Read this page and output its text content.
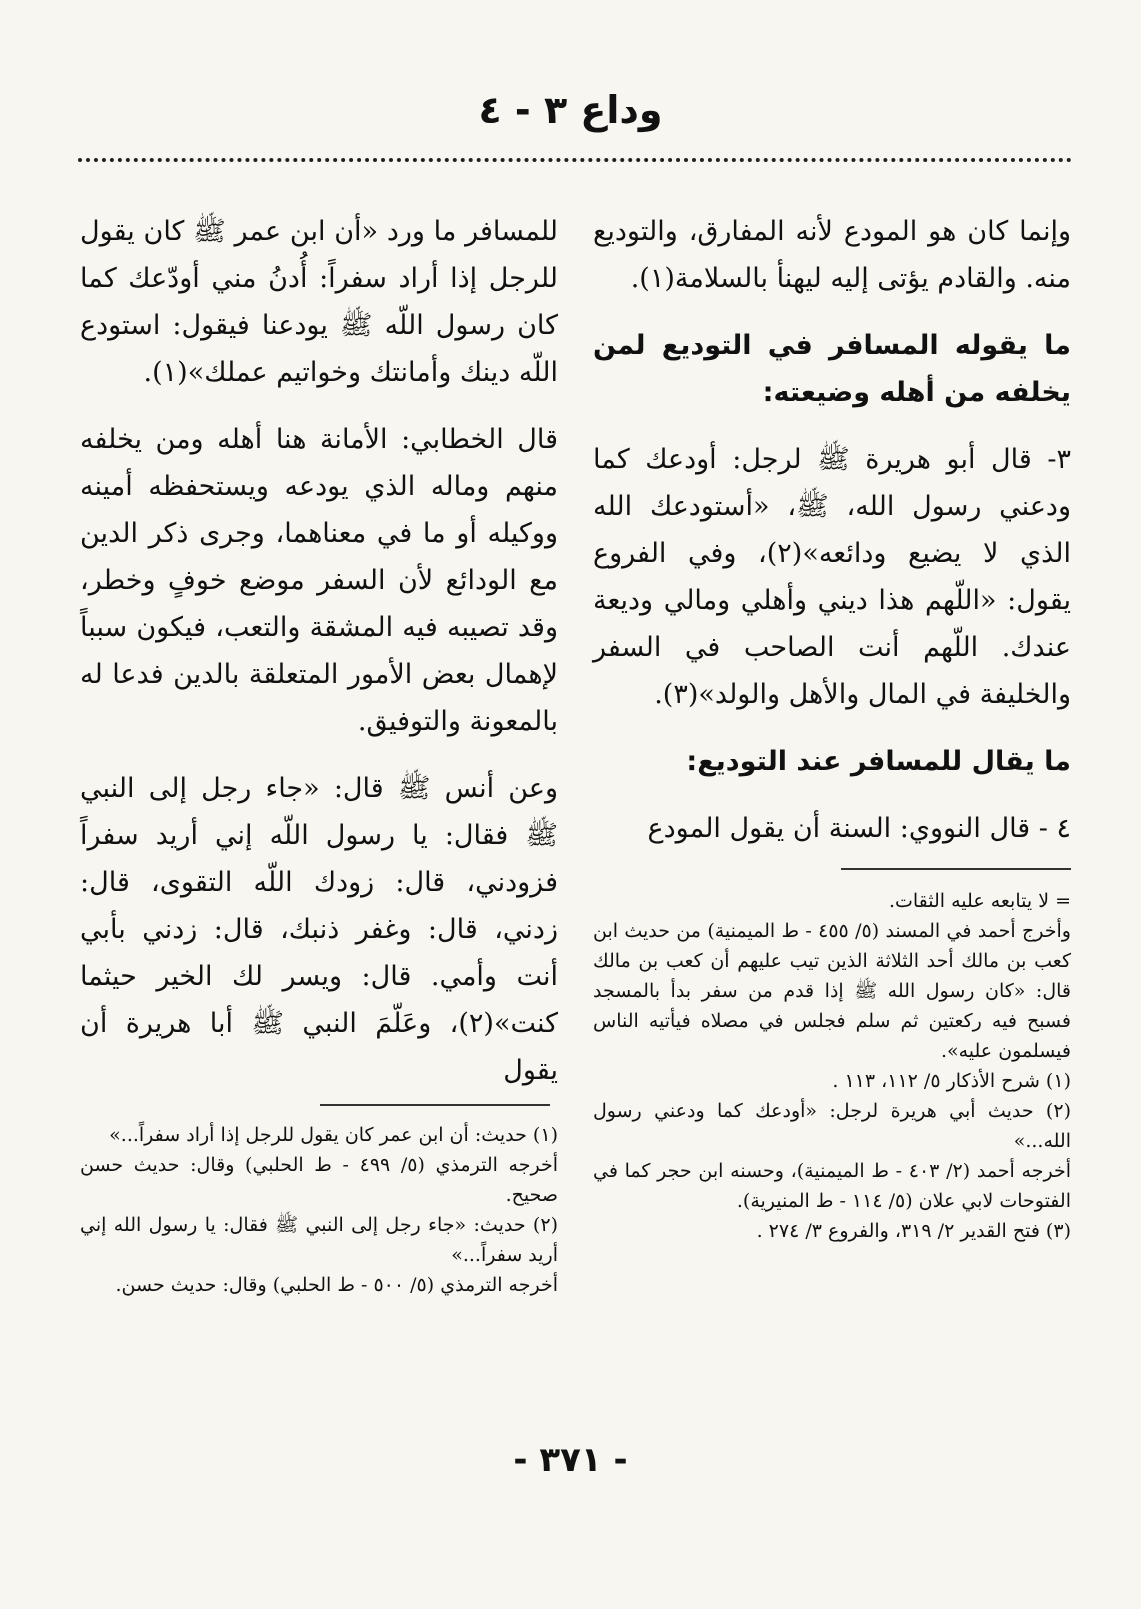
وداع ٣ - ٤

وإنما كان هو المودع لأنه المفارق، والتوديع منه. والقادم يؤتى إليه ليهنأ بالسلامة(١).

ما يقوله المسافر في التوديع لمن يخلفه من أهله وضيعته:

٣- قال أبو هريرة ﷺ لرجل: أودعك كما ودعني رسول الله، ﷺ، «أستودعك الله الذي لا يضيع ودائعه»(٢)، وفي الفروع يقول: «اللّهم هذا ديني وأهلي ومالي وديعة عندك. اللّهم أنت الصاحب في السفر والخليفة في المال والأهل والولد»(٣).

ما يقال للمسافر عند التوديع:

٤ - قال النووي: السنة أن يقول المودع

للمسافر ما ورد «أن ابن عمر ﷺ كان يقول للرجل إذا أراد سفراً: أُدنُ مني أودّعك كما كان رسول اللّه ﷺ يودعنا فيقول: استودع اللّه دينك وأمانتك وخواتيم عملك»(١).

قال الخطابي: الأمانة هنا أهله ومن يخلفه منهم وماله الذي يودعه ويستحفظه أمينه ووكيله أو ما في معناهما، وجرى ذكر الدين مع الودائع لأن السفر موضع خوفٍ وخطر، وقد تصيبه فيه المشقة والتعب، فيكون سبباً لإهمال بعض الأمور المتعلقة بالدين فدعا له بالمعونة والتوفيق.

وعن أنس ﷺ قال: «جاء رجل إلى النبي ﷺ فقال: يا رسول اللّه إني أريد سفراً فزودني، قال: زودك اللّه التقوى، قال: زدني، قال: وغفر ذنبك، قال: زدني بأبي أنت وأمي. قال: ويسر لك الخير حيثما كنت»(٢)، وعَلّمَ النبي ﷺ أبا هريرة أن يقول

= لا يتابعه عليه الثقات.

وأخرج أحمد في المسند (٥/ ٤٥٥ - ط الميمنية) من حديث ابن كعب بن مالك أحد الثلاثة الذين تيب عليهم أن كعب بن مالك قال: «كان رسول الله ﷺ إذا قدم من سفر بدأ بالمسجد فسبح فيه ركعتين ثم سلم فجلس في مصلاه فيأتيه الناس فيسلمون عليه».

(١) شرح الأذكار ٥/ ١١٢، ١١٣ .

(٢) حديث أبي هريرة لرجل: «أودعك كما ودعني رسول الله...»

أخرجه أحمد (٢/ ٤٠٣ - ط الميمنية)، وحسنه ابن حجر كما في الفتوحات لابي علان (٥/ ١١٤ - ط المنيرية).

(٣) فتح القدير ٢/ ٣١٩، والفروع ٣/ ٢٧٤ .

(١) حديث: أن ابن عمر كان يقول للرجل إذا أراد سفراً...»

أخرجه الترمذي (٥/ ٤٩٩ - ط الحلبي) وقال: حديث حسن صحيح.

(٢) حديث: «جاء رجل إلى النبي ﷺ فقال: يا رسول الله إني أريد سفراً...»

أخرجه الترمذي (٥/ ٥٠٠ - ط الحلبي) وقال: حديث حسن.

- ٣٧١ -
